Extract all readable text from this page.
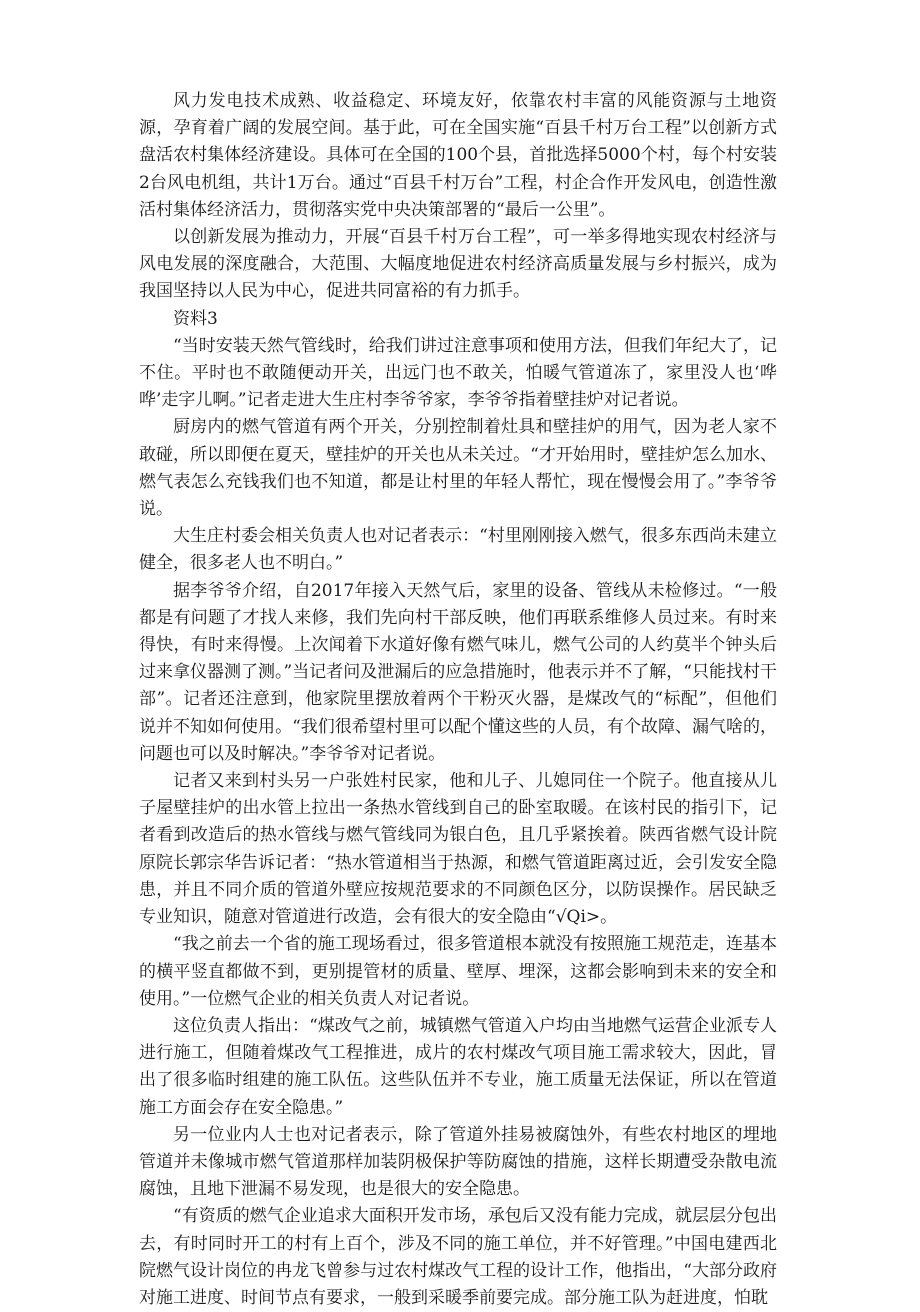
风力发电技术成熟、收益稳定、环境友好，依靠农村丰富的风能资源与土地资源，孕育着广阔的发展空间。基于此，可在全国实施“百县千村万台工程”以创新方式盘活农村集体经济建设。具体可在全国的100个县，首批选择5000个村，每个村安装2台风电机组，共计1万台。通过“百县千村万台”工程，村企合作开发风电，创造性激活村集体经济活力，贯彻落实党中央决策部署的“最后一公里”。

以创新发展为推动力，开展“百县千村万台工程”，可一举多得地实现农村经济与风电发展的深度融合，大范围、大幅度地促进农村经济高质量发展与乡村振兴，成为我国坚持以人民为中心，促进共同富裕的有力抓手。

资料3

“当时安装天然气管线时，给我们讲过注意事项和使用方法，但我们年纪大了，记不住。平时也不敢随便动开关，出远门也不敢关，怕暖气管道冻了，家里没人也‘哗哗’走字儿啊。”记者走进大生庄村李爷爷家，李爷爷指着壁挂炉对记者说。

厨房内的燃气管道有两个开关，分别控制着灶具和壁挂炉的用气，因为老人家不敢碰，所以即便在夏天，壁挂炉的开关也从未关过。“才开始用时，壁挂炉怎么加水、燃气表怎么充钱我们也不知道，都是让村里的年轻人帮忙，现在慢慢会用了。”李爷爷说。

大生庄村委会相关负责人也对记者表示：“村里刚刚接入燃气，很多东西尚未建立健全，很多老人也不明白。”

据李爷爷介绍，自2017年接入天然气后，家里的设备、管线从未检修过。“一般都是有问题了才找人来修，我们先向村干部反映，他们再联系维修人员过来。有时来得快，有时来得慢。上次闻着下水道好像有燃气味儿，燃气公司的人约莫半个钟头后过来拿仪器测了测。”当记者问及泄漏后的应急措施时，他表示并不了解，“只能找村干部”。记者还注意到，他家院里摆放着两个干粉灭火器，是煤改气的“标配”，但他们说并不知如何使用。“我们很希望村里可以配个懂这些的人员，有个故障、漏气啥的，问题也可以及时解决。”李爷爷对记者说。

记者又来到村头另一户张姓村民家，他和儿子、儿媳同住一个院子。他直接从儿子屋壁挂炉的出水管上拉出一条热水管线到自己的卧室取暖。在该村民的指引下，记者看到改造后的热水管线与燃气管线同为银白色，且几乎紧挨着。陕西省燃气设计院原院长郭宗华告诉记者：“热水管道相当于热源，和燃气管道距离过近，会引发安全隐患，并且不同介质的管道外壁应按规范要求的不同颜色区分，以防误操作。居民缺乏专业知识，随意对管道进行改造，会有很大的安全隐由“√Qi>。

“我之前去一个省的施工现场看过，很多管道根本就没有按照施工规范走，连基本的横平竖直都做不到，更别提管材的质量、壁厚、埋深，这都会影响到未来的安全和使用。”一位燃气企业的相关负责人对记者说。

这位负责人指出：“煤改气之前，城镇燃气管道入户均由当地燃气运营企业派专人进行施工，但随着煤改气工程推进，成片的农村煤改气项目施工需求较大，因此，冒出了很多临时组建的施工队伍。这些队伍并不专业，施工质量无法保证，所以在管道施工方面会存在安全隐患。”

另一位业内人士也对记者表示，除了管道外挂易被腐蚀外，有些农村地区的埋地管道并未像城市燃气管道那样加装阴极保护等防腐蚀的措施，这样长期遭受杂散电流腐蚀，且地下泄漏不易发现，也是很大的安全隐患。

“有资质的燃气企业追求大面积开发市场，承包后又没有能力完成，就层层分包出去，有时同时开工的村有上百个，涉及不同的施工单位，并不好管理。”中国电建西北院燃气设计岗位的冉龙飞曾参与过农村煤改气工程的设计工作，他指出，“大部分政府对施工进度、时间节点有要求，一般到采暖季前要完成。部分施工队为赶进度，怕耽
